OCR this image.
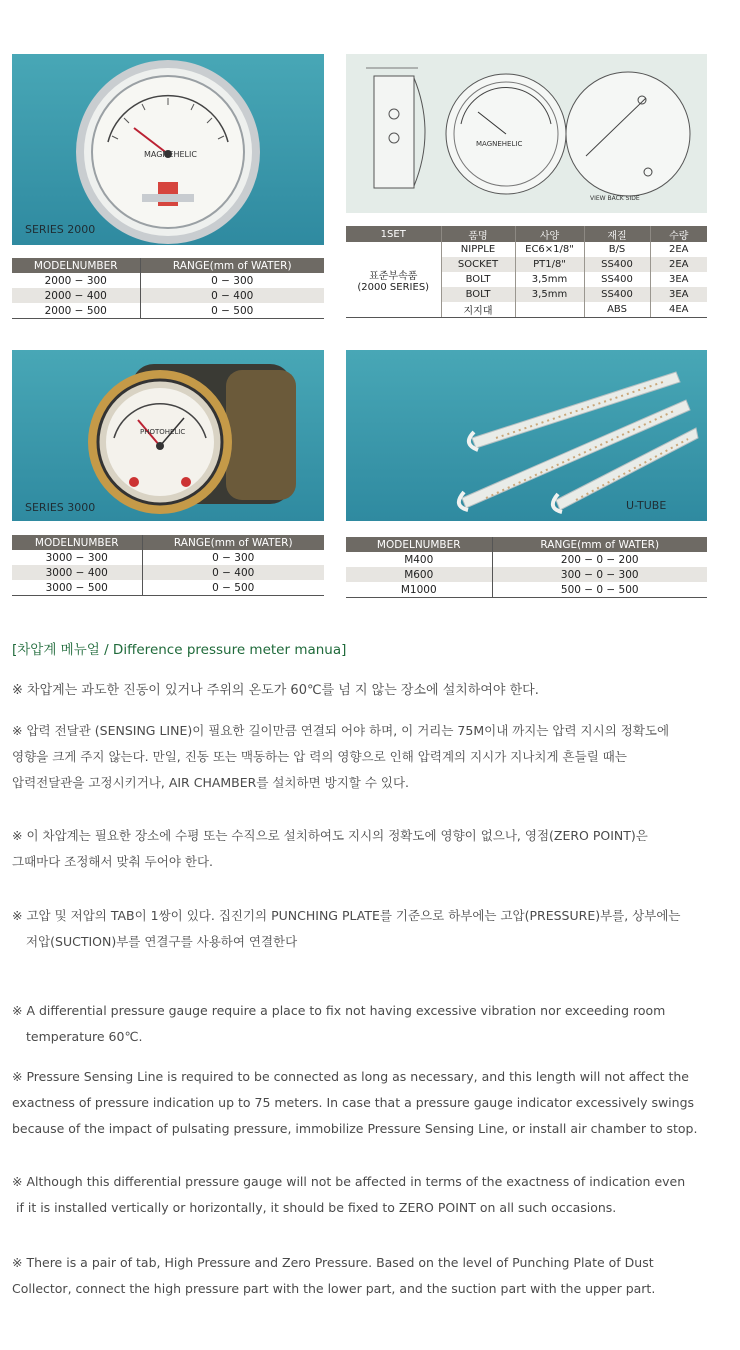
MAGNEHELIC
SERIES 2000
MAGNEHELIC
VIEW BACK SIDE
1SET	품명	사양	재질	수량

표준부속품
(2000 SERIES)	NIPPLE	EC6×1/8"	B/S	2EA
	SOCKET	PT1/8"	SS400	2EA
	BOLT	3,5mm	SS400	3EA
	BOLT	3,5mm	SS400	3EA
	지지대		ABS	4EA
MODELNUMBER	RANGE(mm of WATER)
2000 − 300	0 − 300
2000 − 400	0 − 400
2000 − 500	0 − 500
PHOTOHELIC
SERIES 3000	U-TUBE
MODELNUMBER	RANGE(mm of WATER)
3000 − 300	0 − 300
3000 − 400	0 − 400
3000 − 500	0 − 500
MODELNUMBER	RANGE(mm of WATER)
M400	200 − 0 − 200
M600	300 − 0 − 300
M1000	500 − 0 − 500
[차압계 메뉴얼 / Difference pressure meter manua]
※ 차압계는 과도한 진동이 있거나 주위의 온도가 60℃를 넘 지 않는 장소에 설치하여야 한다.
※ 압력 전달관 (SENSING LINE)이 필요한 길이만큼 연결되 어야 하며, 이 거리는 75M이내 까지는 압력 지시의 정확도에
영향을 크게 주지 않는다. 만일, 진동 또는 맥동하는 압 력의 영향으로 인해 압력계의 지시가 지나치게 흔들릴 때는
압력전달관을 고정시키거나, AIR CHAMBER를 설치하면 방지할 수 있다.
※ 이 차압계는 필요한 장소에 수평 또는 수직으로 설치하여도 지시의 정확도에 영향이 없으나, 영점(ZERO POINT)은
그때마다 조정해서 맞춰 두어야 한다.
※ 고압 및 저압의 TAB이 1쌍이 있다. 집진기의 PUNCHING PLATE를 기준으로 하부에는 고압(PRESSURE)부를, 상부에는
저압(SUCTION)부를 연결구를 사용하여 연결한다
※ A differential pressure gauge require a place to fix not having excessive vibration nor exceeding room
temperature 60℃.
※ Pressure Sensing Line is required to be connected as long as necessary, and this length will not affect the
exactness of pressure indication up to 75 meters. In case that a pressure gauge indicator excessively swings
because of the impact of pulsating pressure, immobilize Pressure Sensing Line, or install air chamber to stop.
※ Although this differential pressure gauge will not be affected in terms of the exactness of indication even
if it is installed vertically or horizontally, it should be fixed to ZERO POINT on all such occasions.
※ There is a pair of tab, High Pressure and Zero Pressure. Based on the level of Punching Plate of Dust
Collector, connect the high pressure part with the lower part, and the suction part with the upper part.
